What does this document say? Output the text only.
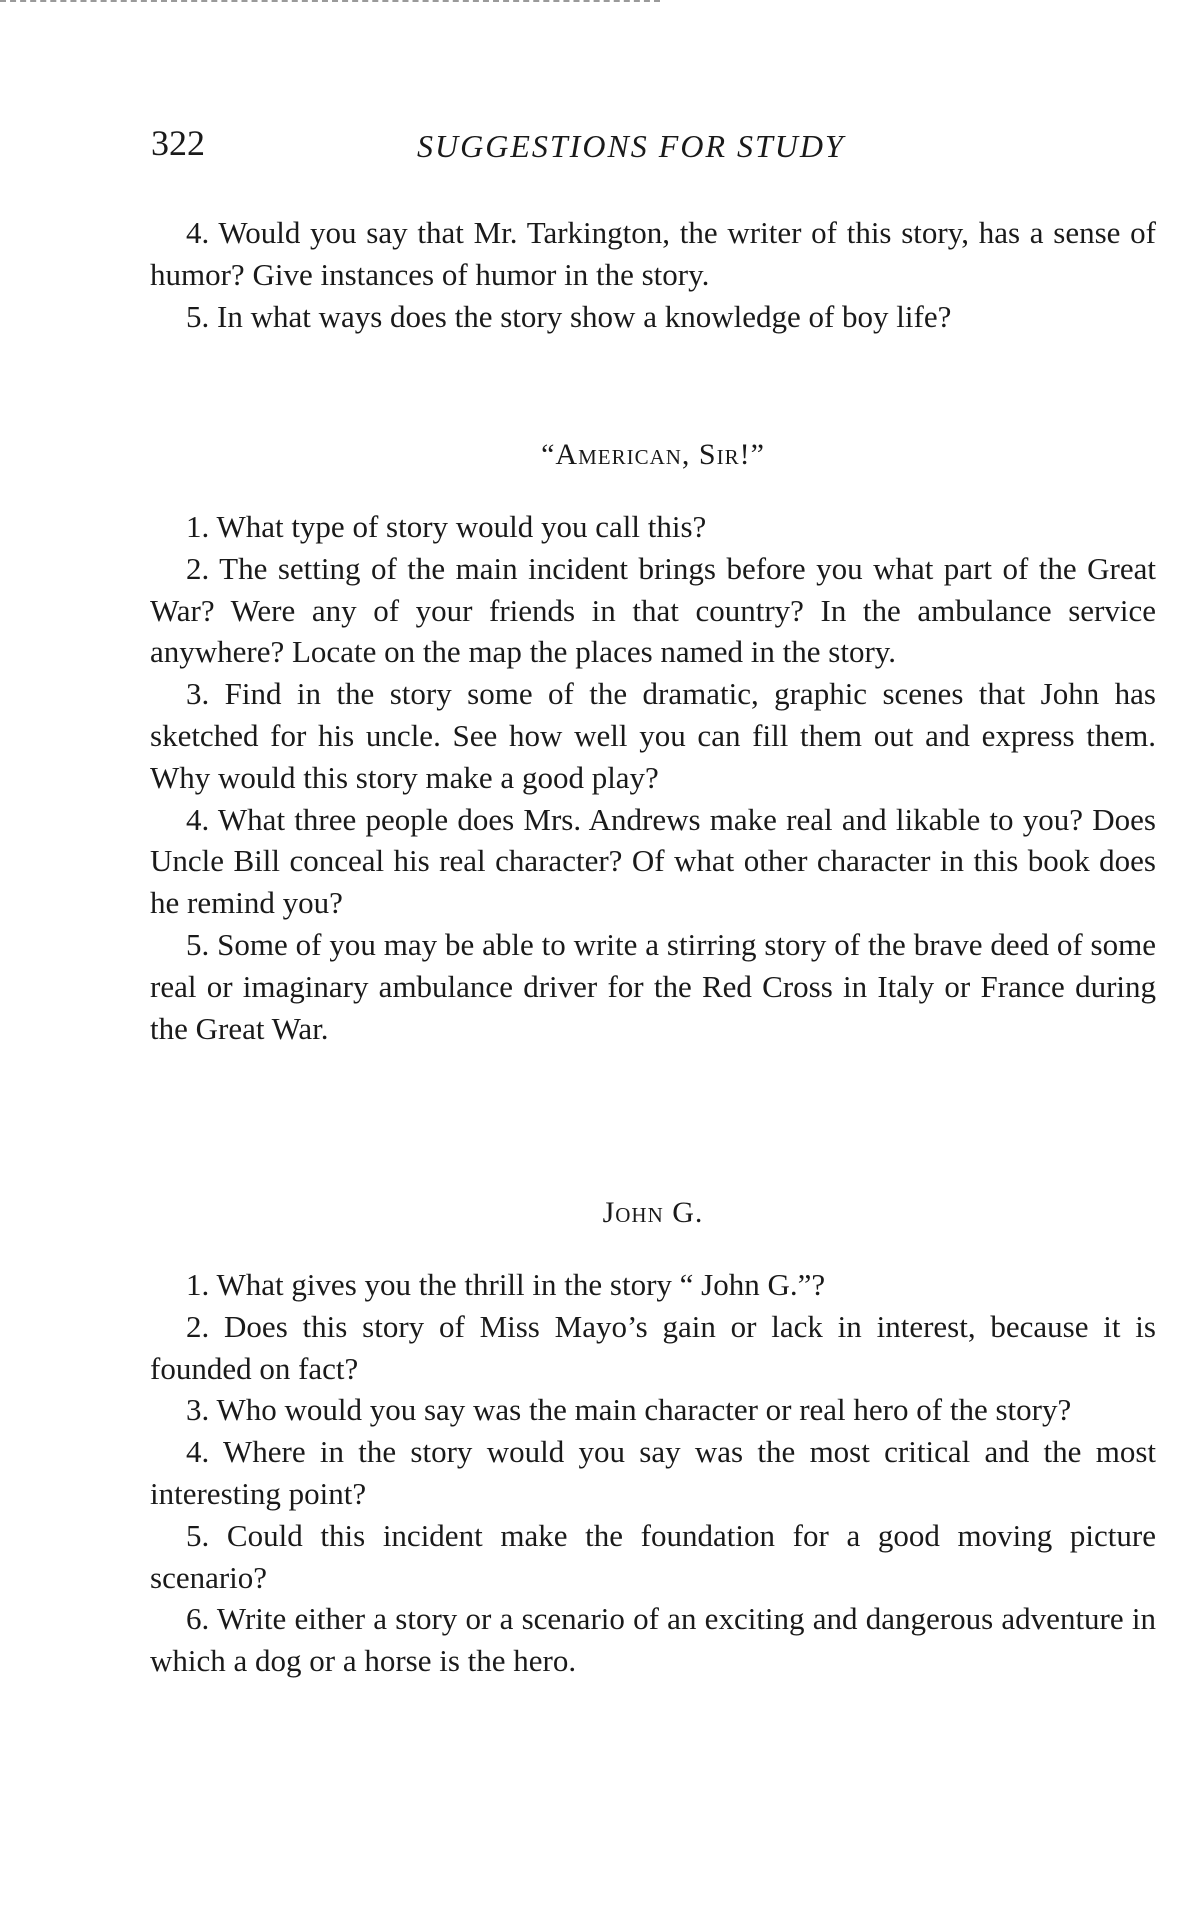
322	SUGGESTIONS FOR STUDY

4. Would you say that Mr. Tarkington, the writer of this story, has a sense of humor? Give instances of humor in the story.

5. In what ways does the story show a knowledge of boy life?

“American, Sir!”

1. What type of story would you call this?

2. The setting of the main incident brings before you what part of the Great War? Were any of your friends in that country? In the ambulance service anywhere? Locate on the map the places named in the story.

3. Find in the story some of the dramatic, graphic scenes that John has sketched for his uncle. See how well you can fill them out and express them. Why would this story make a good play?

4. What three people does Mrs. Andrews make real and likable to you? Does Uncle Bill conceal his real character? Of what other character in this book does he remind you?

5. Some of you may be able to write a stirring story of the brave deed of some real or imaginary ambulance driver for the Red Cross in Italy or France during the Great War.

John G.

1. What gives you the thrill in the story “ John G.”?

2. Does this story of Miss Mayo’s gain or lack in interest, because it is founded on fact?

3. Who would you say was the main character or real hero of the story?

4. Where in the story would you say was the most critical and the most interesting point?

5. Could this incident make the foundation for a good moving picture scenario?

6. Write either a story or a scenario of an exciting and dangerous adventure in which a dog or a horse is the hero.
